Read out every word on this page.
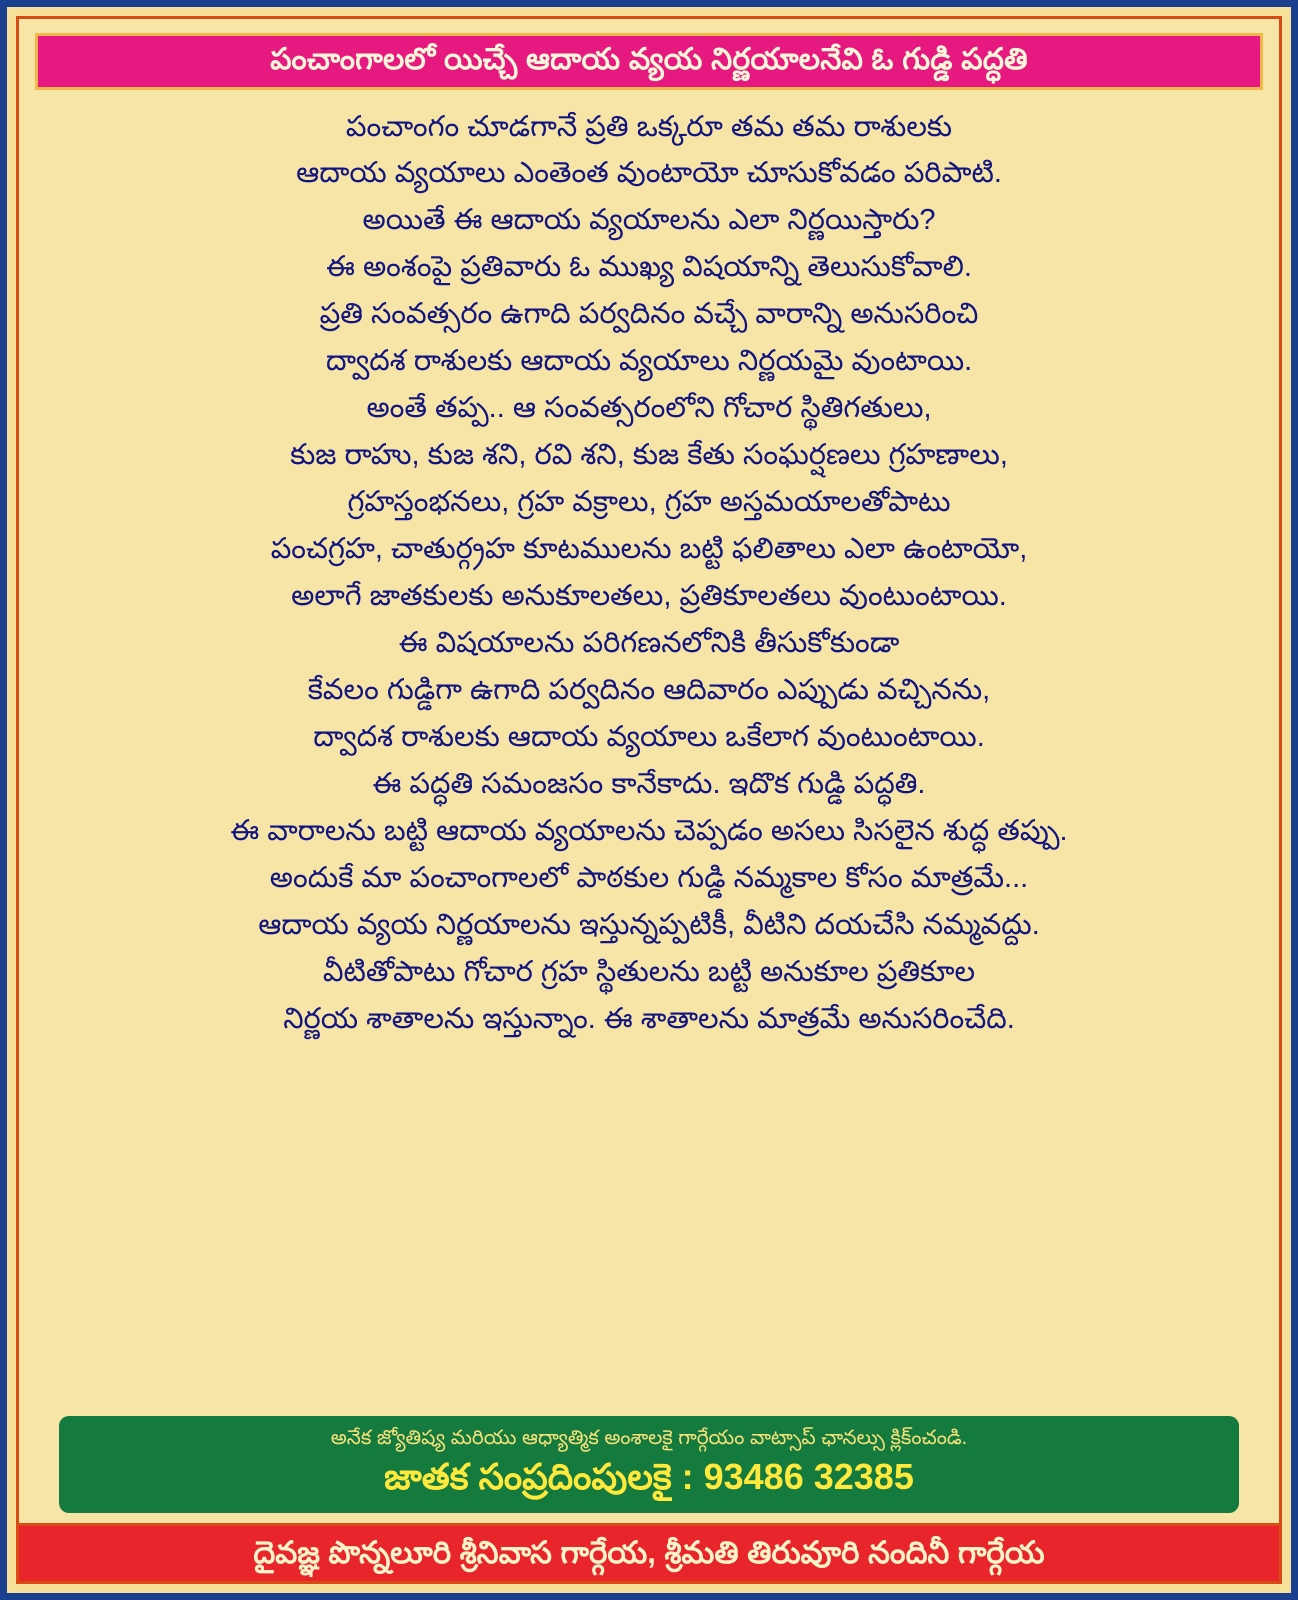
పంచాంగాలలో యిచ్చే ఆదాయ వ్యయ నిర్ణయాలనేవి ఓ గుడ్డి పద్ధతి
పంచాంగం చూడగానే ప్రతి ఒక్కరూ తమ తమ రాశులకు
ఆదాయ వ్యయాలు ఎంతెంత వుంటాయో చూసుకోవడం పరిపాటి.
అయితే ఈ ఆదాయ వ్యయాలను ఎలా నిర్ణయిస్తారు?
ఈ అంశంపై ప్రతివారు ఓ ముఖ్య విషయాన్ని తెలుసుకోవాలి.
ప్రతి సంవత్సరం ఉగాది పర్వదినం వచ్చే వారాన్ని అనుసరించి
ద్వాదశ రాశులకు ఆదాయ వ్యయాలు నిర్ణయమై వుంటాయి.
అంతే తప్ప.. ఆ సంవత్సరంలోని గోచార స్థితిగతులు,
కుజ రాహు, కుజ శని, రవి శని, కుజ కేతు సంఘర్షణలు గ్రహణాలు,
గ్రహస్తంభనలు, గ్రహ వక్రాలు, గ్రహ అస్తమయాలతోపాటు
పంచగ్రహ, చాతుర్గ్రహ కూటములను బట్టి ఫలితాలు ఎలా ఉంటాయో,
అలాగే జాతకులకు అనుకూలతలు, ప్రతికూలతలు వుంటుంటాయి.
ఈ విషయాలను పరిగణనలోనికి తీసుకోకుండా
కేవలం గుడ్డిగా ఉగాది పర్వదినం ఆదివారం ఎప్పుడు వచ్చినను,
ద్వాదశ రాశులకు ఆదాయ వ్యయాలు ఒకేలాగ వుంటుంటాయి.
ఈ పద్ధతి సమంజసం కానేకాదు. ఇదొక గుడ్డి పద్ధతి.
ఈ వారాలను బట్టి ఆదాయ వ్యయాలను చెప్పడం అసలు సిసలైన శుద్ధ తప్పు.
అందుకే మా పంచాంగాలలో పాఠకుల గుడ్డి నమ్మకాల కోసం మాత్రమే...
ఆదాయ వ్యయ నిర్ణయాలను ఇస్తున్నప్పటికీ, వీటిని దయచేసి నమ్మవద్దు.
వీటితోపాటు గోచార గ్రహ స్థితులను బట్టి అనుకూల ప్రతికూల
నిర్ణయ శాతాలను ఇస్తున్నాం. ఈ శాతాలను మాత్రమే అనుసరించేది.
అనేక జ్యోతిష్య మరియు ఆధ్యాత్మిక అంశాలకై గార్గేయం వాట్సాప్ ఛానల్సు క్లిక్ంచండి.
జాతక సంప్రదింపులకై : 93486 32385
దైవజ్ఞ పొన్నలూరి శ్రీనివాస గార్గేయ, శ్రీమతి తిరువూరి నందినీ గార్గేయ
